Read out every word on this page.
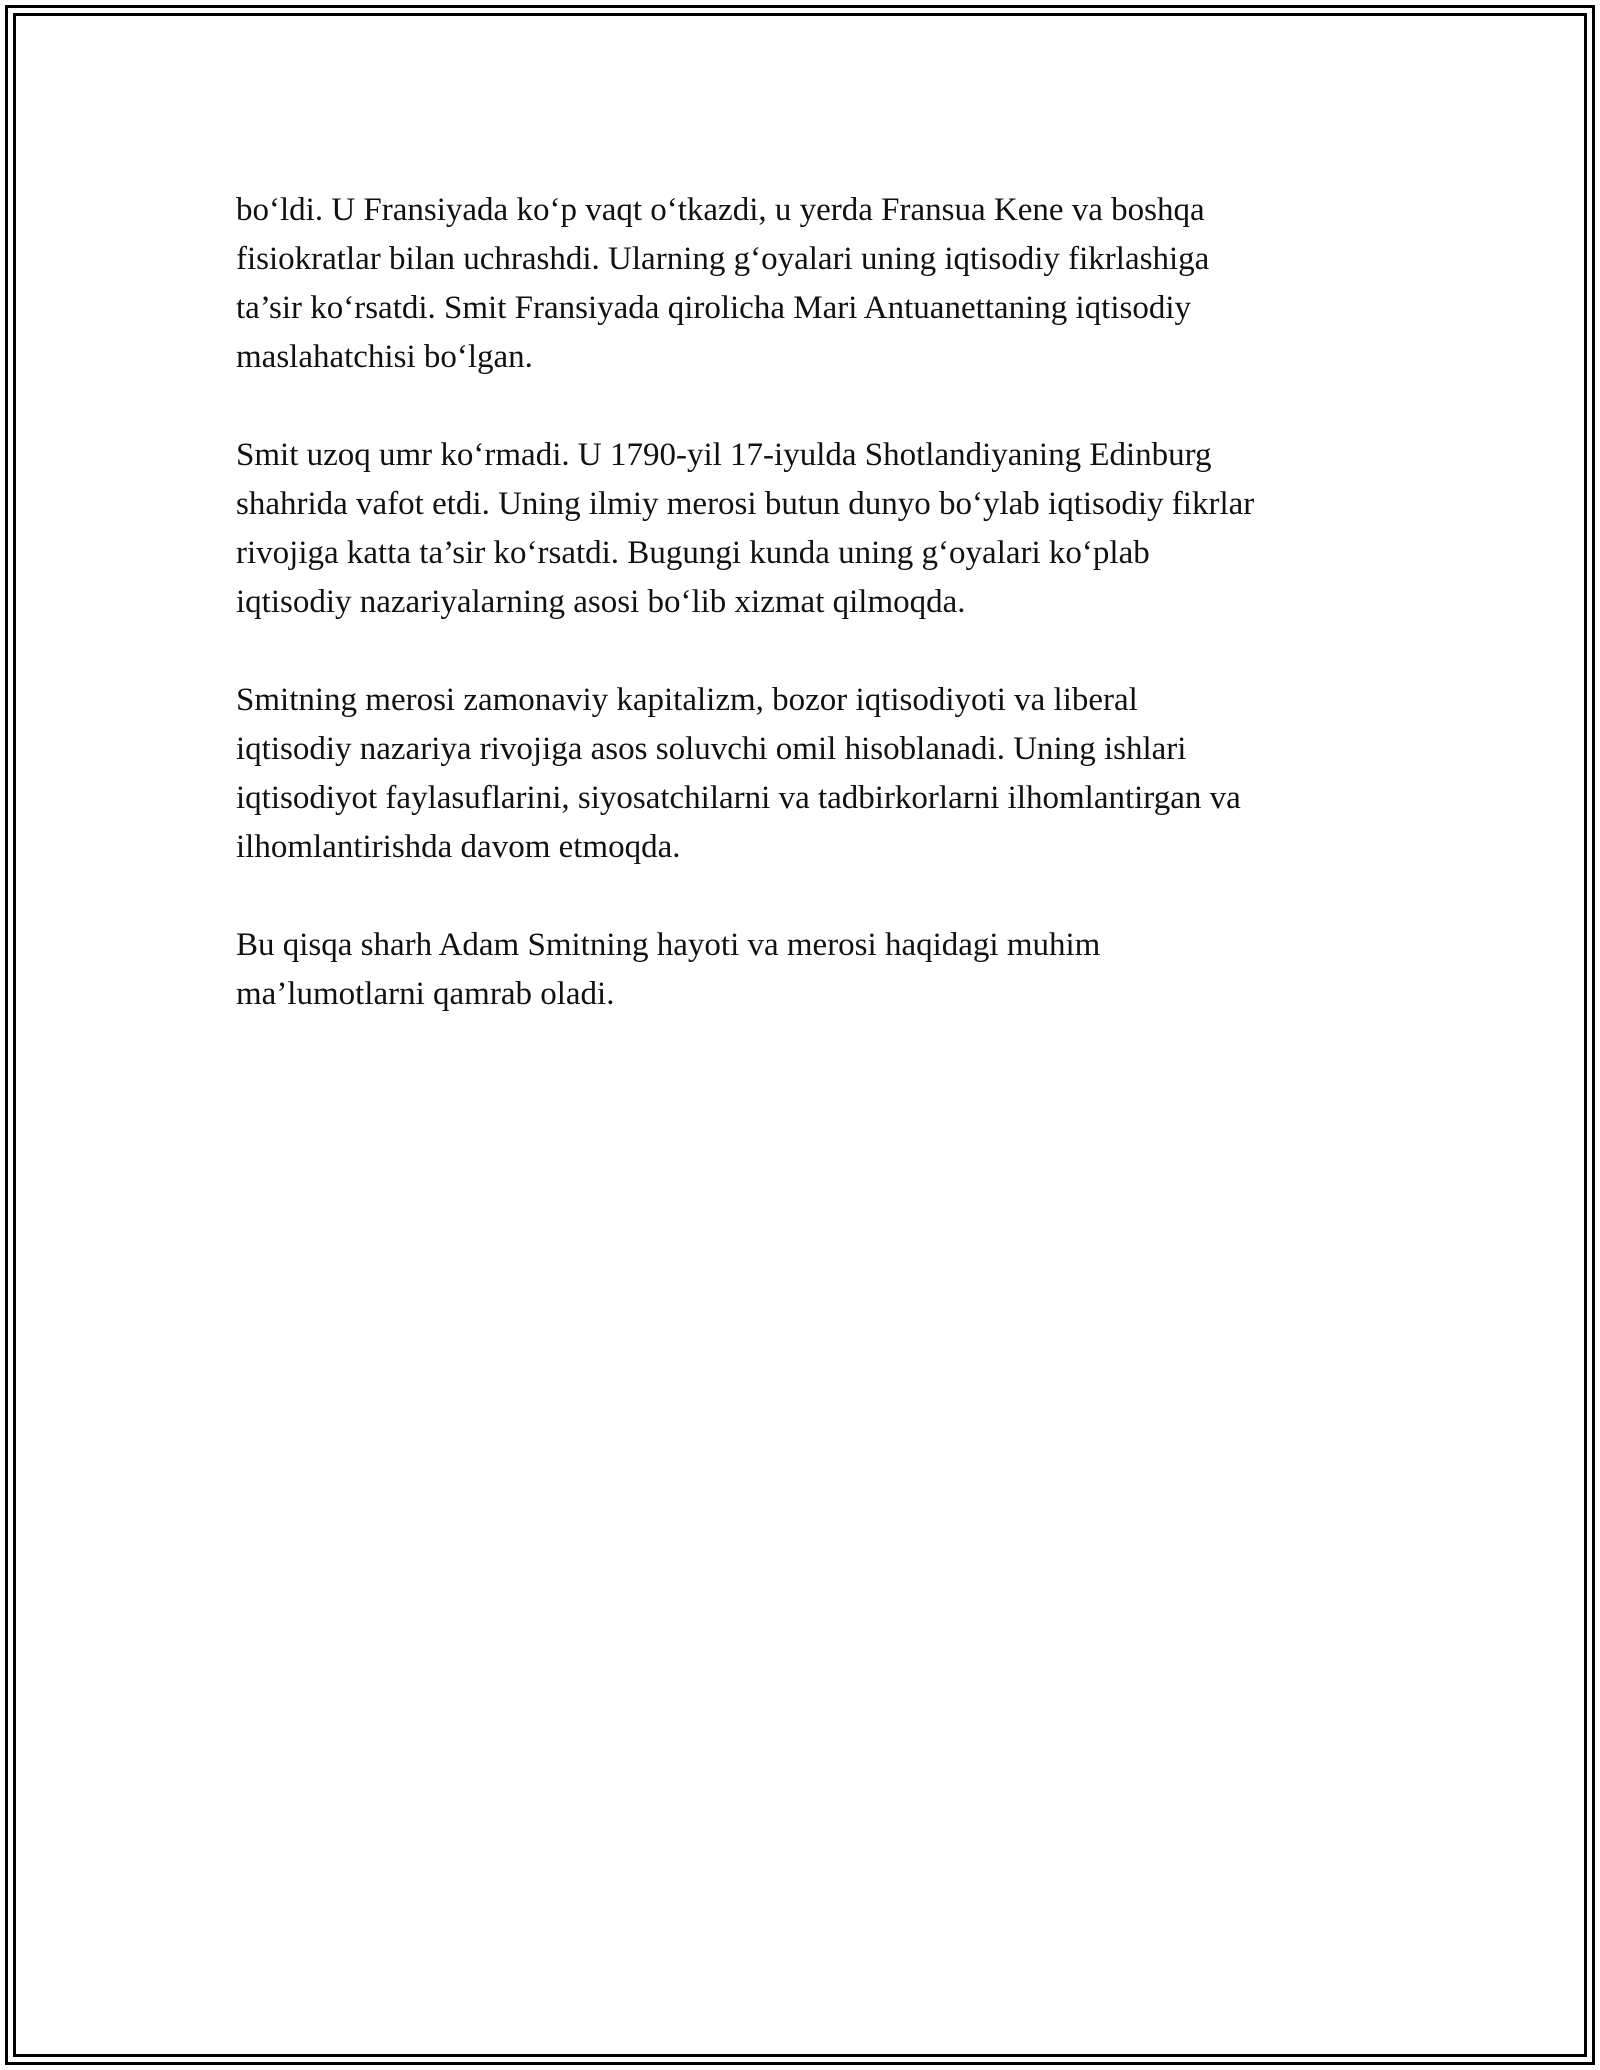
bo‘ldi. U Fransiyada ko‘p vaqt o‘tkazdi, u yerda Fransua Kene va boshqa
fisiokratlar bilan uchrashdi. Ularning g‘oyalari uning iqtisodiy fikrlashiga
ta’sir ko‘rsatdi. Smit Fransiyada qirolicha Mari Antuanettaning iqtisodiy
maslahatchisi bo‘lgan.

Smit uzoq umr ko‘rmadi. U 1790-yil 17-iyulda Shotlandiyaning Edinburg
shahrida vafot etdi. Uning ilmiy merosi butun dunyo bo‘ylab iqtisodiy fikrlar
rivojiga katta ta’sir ko‘rsatdi. Bugungi kunda uning g‘oyalari ko‘plab
iqtisodiy nazariyalarning asosi bo‘lib xizmat qilmoqda.

Smitning merosi zamonaviy kapitalizm, bozor iqtisodiyoti va liberal
iqtisodiy nazariya rivojiga asos soluvchi omil hisoblanadi. Uning ishlari
iqtisodiyot faylasuflarini, siyosatchilarni va tadbirkorlarni ilhomlantirgan va
ilhomlantirishda davom etmoqda.

Bu qisqa sharh Adam Smitning hayoti va merosi haqidagi muhim
ma’lumotlarni qamrab oladi.
